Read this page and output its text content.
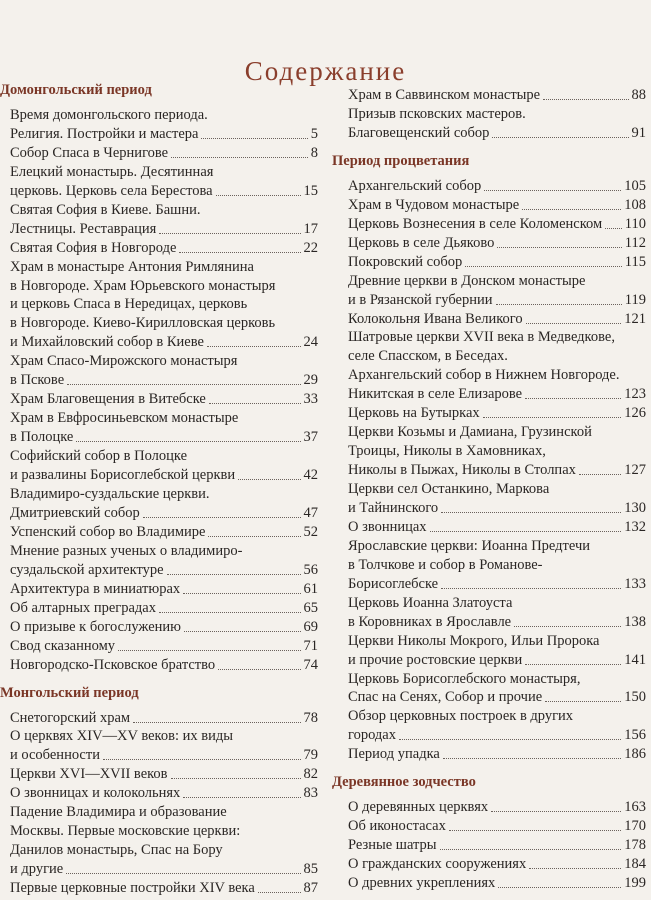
Содержание
Домонгольский период
Время домонгольского периода.
Религия. Постройки и мастера	5
Собор Спаса в Чернигове	8
Елецкий монастырь. Десятинная
церковь. Церковь села Берестова	15
Святая София в Киеве. Башни.
Лестницы. Реставрация	17
Святая София в Новгороде	22
Храм в монастыре Антония Римлянина
в Новгороде. Храм Юрьевского монастыря
и церковь Спаса в Нередицах, церковь
в Новгороде. Киево-Кирилловская церковь
и Михайловский собор в Киеве	24
Храм Спасо-Мирожского монастыря
в Пскове	29
Храм Благовещения в Витебске	33
Храм в Евфросиньевском монастыре
в Полоцке	37
Софийский собор в Полоцке
и развалины Борисоглебской церкви	42
Владимиро-суздальские церкви.
Дмитриевский собор	47
Успенский собор во Владимире	52
Мнение разных ученых о владимиро-
суздальской архитектуре	56
Архитектура в миниатюрах	61
Об алтарных преградах	65
О призыве к богослужению	69
Свод сказанному	71
Новгородско-Псковское братство	74
Монгольский период
Снетогорский храм	78
О церквях XIV—XV веков: их виды
и особенности	79
Церкви XVI—XVII веков	82
О звонницах и колокольнях	83
Падение Владимира и образование
Москвы. Первые московские церкви:
Данилов монастырь, Спас на Бору
и другие	85
Первые церковные постройки XIV века	87
Храм в Саввинском монастыре	88
Призыв псковских мастеров.
Благовещенский собор	91
Период процветания
Архангельский собор	105
Храм в Чудовом монастыре	108
Церковь Вознесения в селе Коломенском 110
Церковь в селе Дьяково	112
Покровский собор	115
Древние церкви в Донском монастыре
и в Рязанской губернии	119
Колокольня Ивана Великого	121
Шатровые церкви XVII века в Медведкове,
селе Спасском, в Беседах.
Архангельский собор в Нижнем Новгороде.
Никитская в селе Елизарове	123
Церковь на Бутырках	126
Церкви Козьмы и Дамиана, Грузинской
Троицы, Николы в Хамовниках,
Николы в Пыжах, Николы в Столпах	127
Церкви сел Останкино, Маркова
и Тайнинского	130
О звонницах	132
Ярославские церкви: Иоанна Предтечи
в Толчкове и собор в Романове-
Борисоглебске	133
Церковь Иоанна Златоуста
в Коровниках в Ярославле	138
Церкви Николы Мокрого, Ильи Пророка
и прочие ростовские церкви	141
Церковь Борисоглебского монастыря,
Спас на Сенях, Собор и прочие	150
Обзор церковных построек в других
городах	156
Период упадка	186
Деревянное зодчество
О деревянных церквях	163
Об иконостасах	170
Резные шатры	178
О гражданских сооружениях	184
О древних укреплениях	199
